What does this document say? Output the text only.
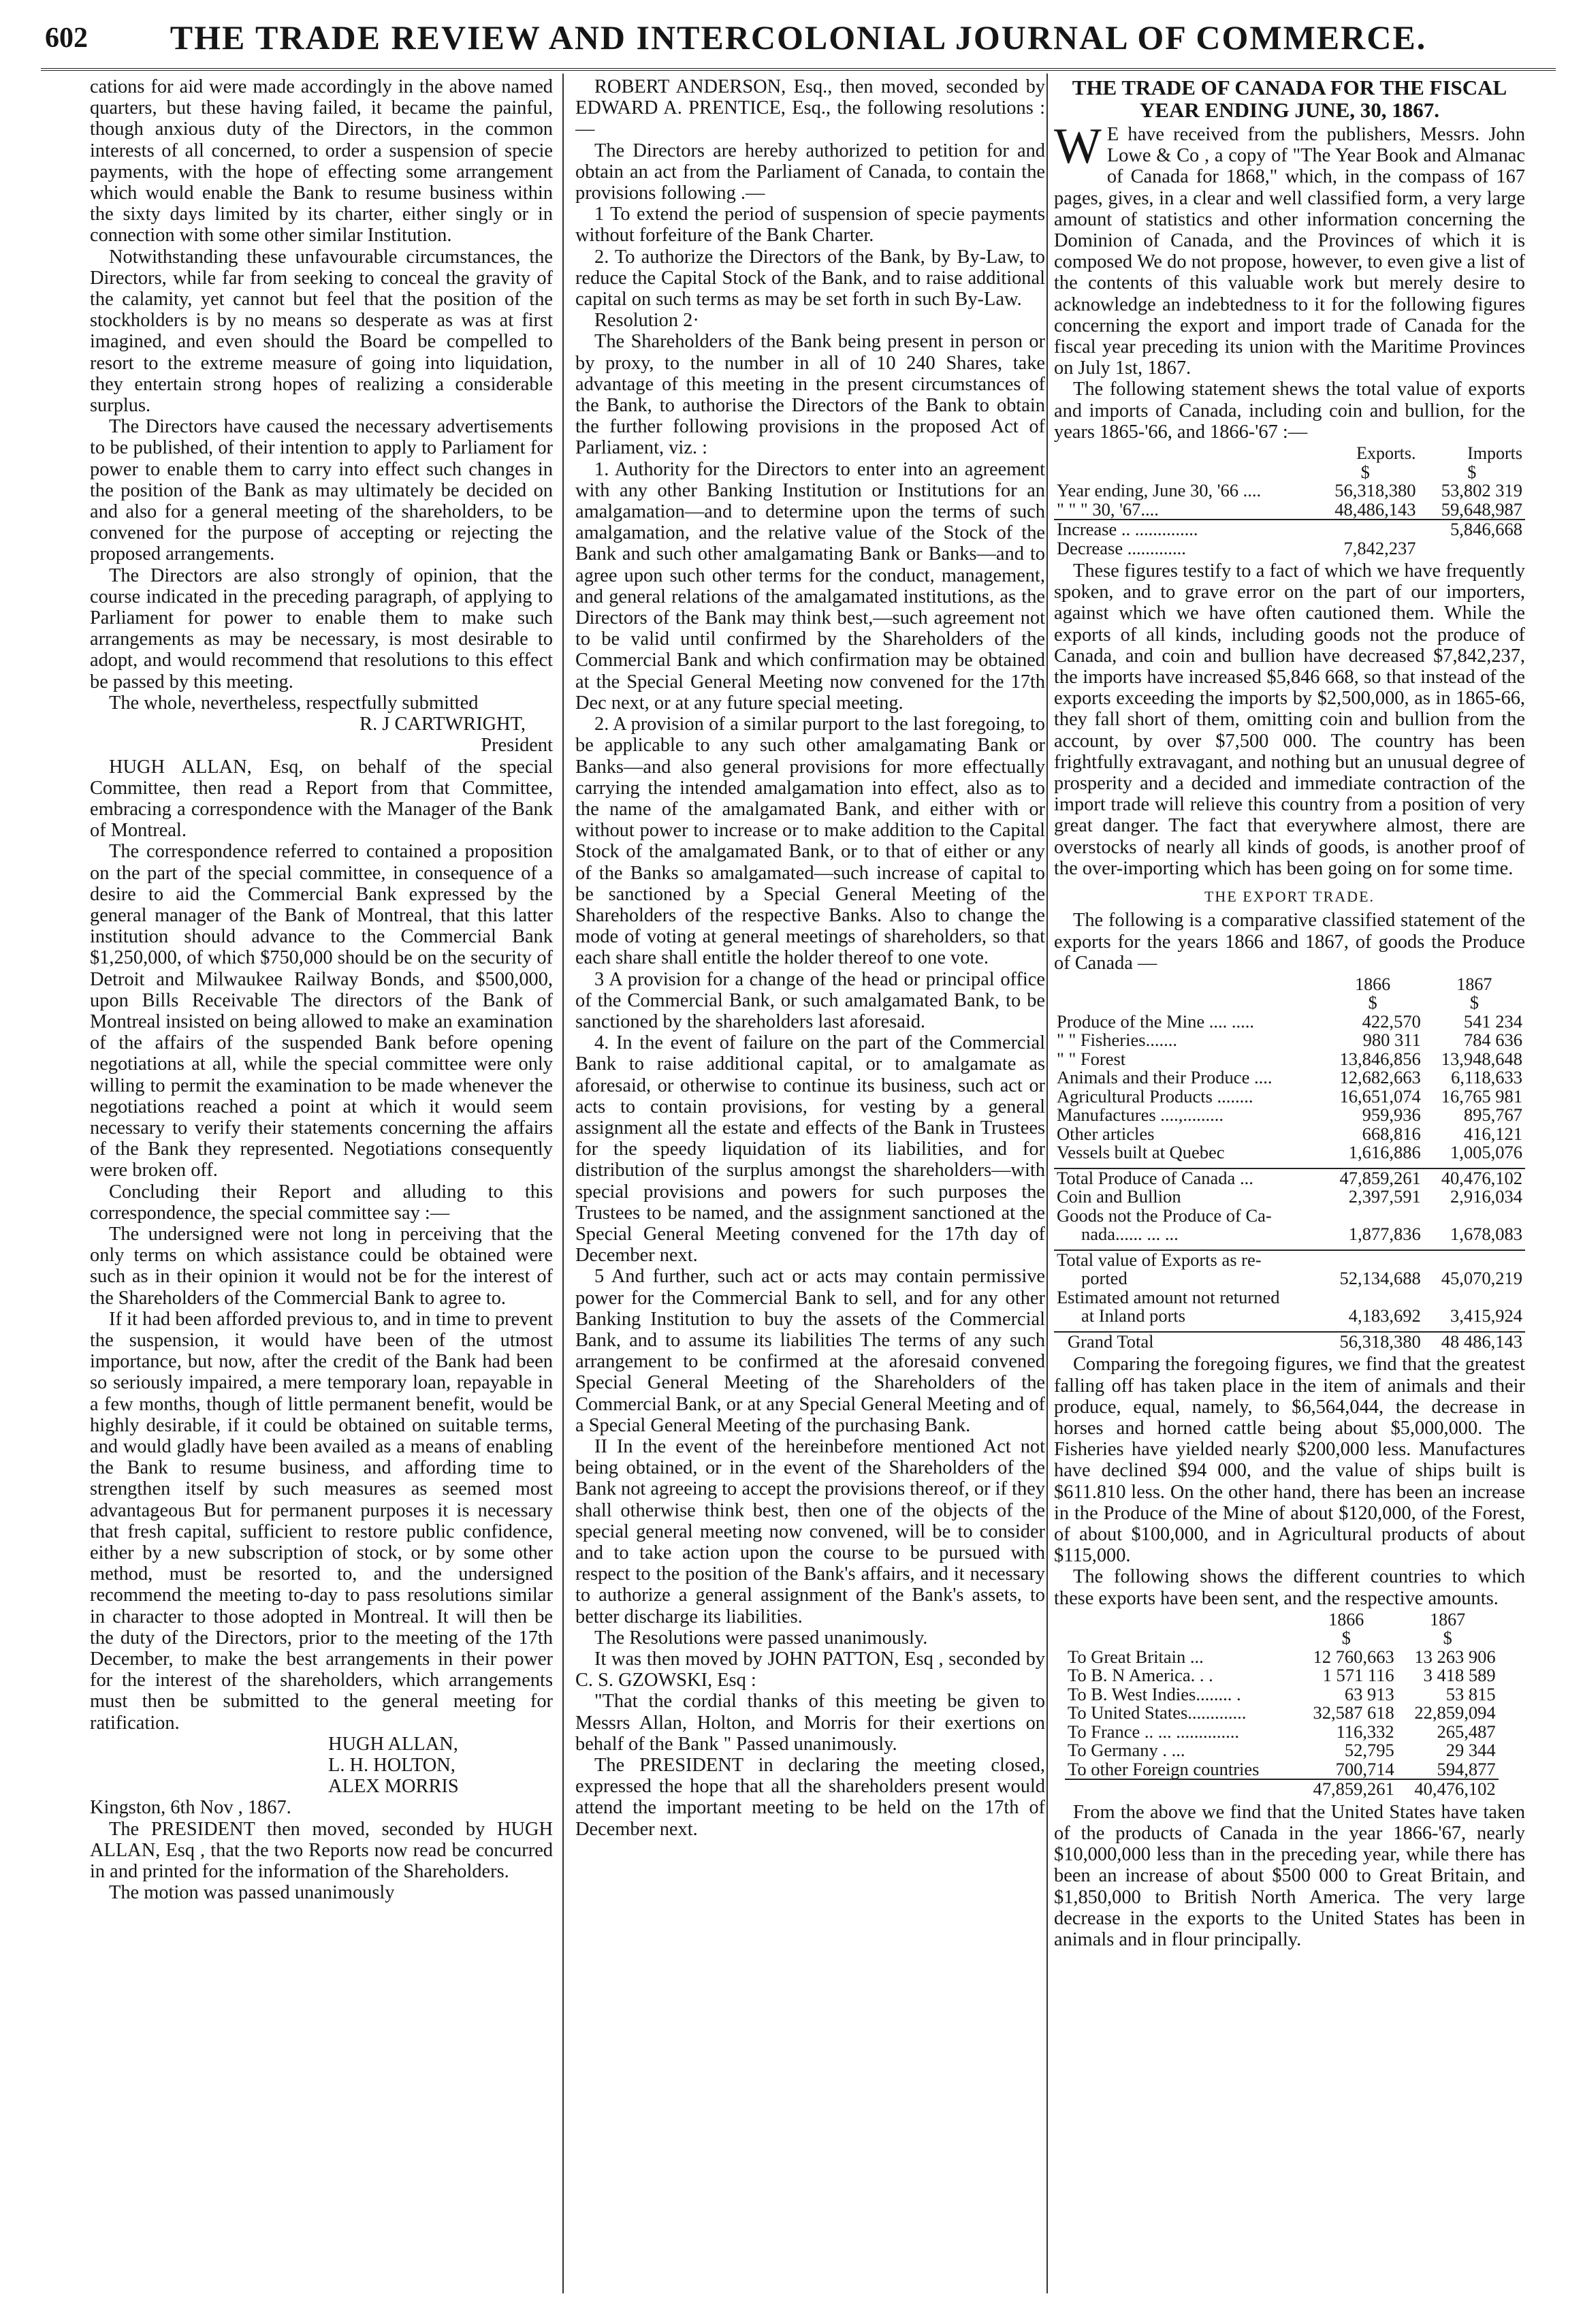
602	THE TRADE REVIEW AND INTERCOLONIAL JOURNAL OF COMMERCE.

cations for aid were made accordingly in the above named quarters, but these having failed, it became the painful, though anxious duty of the Directors, in the common interests of all concerned, to order a suspension of specie payments, with the hope of effecting some arrangement which would enable the Bank to resume business within the sixty days limited by its charter, either singly or in connection with some other similar Institution.

Notwithstanding these unfavourable circumstances, the Directors, while far from seeking to conceal the gravity of the calamity, yet cannot but feel that the position of the stockholders is by no means so desperate as was at first imagined, and even should the Board be compelled to resort to the extreme measure of going into liquidation, they entertain strong hopes of realizing a considerable surplus.

The Directors have caused the necessary advertisements to be published, of their intention to apply to Parliament for power to enable them to carry into effect such changes in the position of the Bank as may ultimately be decided on and also for a general meeting of the shareholders, to be convened for the purpose of accepting or rejecting the proposed arrangements.

The Directors are also strongly of opinion, that the course indicated in the preceding paragraph, of applying to Parliament for power to enable them to make such arrangements as may be necessary, is most desirable to adopt, and would recommend that resolutions to this effect be passed by this meeting.

The whole, nevertheless, respectfully submitted

R. J CARTWRIGHT,

President

HUGH ALLAN, Esq, on behalf of the special Committee, then read a Report from that Committee, embracing a correspondence with the Manager of the Bank of Montreal.

The correspondence referred to contained a proposition on the part of the special committee, in consequence of a desire to aid the Commercial Bank expressed by the general manager of the Bank of Montreal, that this latter institution should advance to the Commercial Bank $1,250,000, of which $750,000 should be on the security of Detroit and Milwaukee Railway Bonds, and $500,000, upon Bills Receivable The directors of the Bank of Montreal insisted on being allowed to make an examination of the affairs of the suspended Bank before opening negotiations at all, while the special committee were only willing to permit the examination to be made whenever the negotiations reached a point at which it would seem necessary to verify their statements concerning the affairs of the Bank they represented. Negotiations consequently were broken off.

Concluding their Report and alluding to this correspondence, the special committee say :—

The undersigned were not long in perceiving that the only terms on which assistance could be obtained were such as in their opinion it would not be for the interest of the Shareholders of the Commercial Bank to agree to.

If it had been afforded previous to, and in time to prevent the suspension, it would have been of the utmost importance, but now, after the credit of the Bank had been so seriously impaired, a mere temporary loan, repayable in a few months, though of little permanent benefit, would be highly desirable, if it could be obtained on suitable terms, and would gladly have been availed as a means of enabling the Bank to resume business, and affording time to strengthen itself by such measures as seemed most advantageous But for permanent purposes it is necessary that fresh capital, sufficient to restore public confidence, either by a new subscription of stock, or by some other method, must be resorted to, and the undersigned recommend the meeting to-day to pass resolutions similar in character to those adopted in Montreal. It will then be the duty of the Directors, prior to the meeting of the 17th December, to make the best arrangements in their power for the interest of the shareholders, which arrangements must then be submitted to the general meeting for ratification.

HUGH ALLAN,

L. H. HOLTON,

ALEX MORRIS

Kingston, 6th Nov , 1867.

The PRESIDENT then moved, seconded by HUGH ALLAN, Esq , that the two Reports now read be concurred in and printed for the information of the Shareholders.

The motion was passed unanimously

ROBERT ANDERSON, Esq., then moved, seconded by EDWARD A. PRENTICE, Esq., the following resolutions :—

The Directors are hereby authorized to petition for and obtain an act from the Parliament of Canada, to contain the provisions following .—

1 To extend the period of suspension of specie payments without forfeiture of the Bank Charter.

2. To authorize the Directors of the Bank, by By-Law, to reduce the Capital Stock of the Bank, and to raise additional capital on such terms as may be set forth in such By-Law.

Resolution 2·

The Shareholders of the Bank being present in person or by proxy, to the number in all of 10 240 Shares, take advantage of this meeting in the present circumstances of the Bank, to authorise the Directors of the Bank to obtain the further following provisions in the proposed Act of Parliament, viz. :

1. Authority for the Directors to enter into an agreement with any other Banking Institution or Institutions for an amalgamation—and to determine upon the terms of such amalgamation, and the relative value of the Stock of the Bank and such other amalgamating Bank or Banks—and to agree upon such other terms for the conduct, management, and general relations of the amalgamated institutions, as the Directors of the Bank may think best,—such agreement not to be valid until confirmed by the Shareholders of the Commercial Bank and which confirmation may be obtained at the Special General Meeting now convened for the 17th Dec next, or at any future special meeting.

2. A provision of a similar purport to the last foregoing, to be applicable to any such other amalgamating Bank or Banks—and also general provisions for more effectually carrying the intended amalgamation into effect, also as to the name of the amalgamated Bank, and either with or without power to increase or to make addition to the Capital Stock of the amalgamated Bank, or to that of either or any of the Banks so amalgamated—such increase of capital to be sanctioned by a Special General Meeting of the Shareholders of the respective Banks. Also to change the mode of voting at general meetings of shareholders, so that each share shall entitle the holder thereof to one vote.

3 A provision for a change of the head or principal office of the Commercial Bank, or such amalgamated Bank, to be sanctioned by the shareholders last aforesaid.

4. In the event of failure on the part of the Commercial Bank to raise additional capital, or to amalgamate as aforesaid, or otherwise to continue its business, such act or acts to contain provisions, for vesting by a general assignment all the estate and effects of the Bank in Trustees for the speedy liquidation of its liabilities, and for distribution of the surplus amongst the shareholders—with special provisions and powers for such purposes the Trustees to be named, and the assignment sanctioned at the Special General Meeting convened for the 17th day of December next.

5 And further, such act or acts may contain permissive power for the Commercial Bank to sell, and for any other Banking Institution to buy the assets of the Commercial Bank, and to assume its liabilities The terms of any such arrangement to be confirmed at the aforesaid convened Special General Meeting of the Shareholders of the Commercial Bank, or at any Special General Meeting and of a Special General Meeting of the purchasing Bank.

II In the event of the hereinbefore mentioned Act not being obtained, or in the event of the Shareholders of the Bank not agreeing to accept the provisions thereof, or if they shall otherwise think best, then one of the objects of the special general meeting now convened, will be to consider and to take action upon the course to be pursued with respect to the position of the Bank's affairs, and it necessary to authorize a general assignment of the Bank's assets, to better discharge its liabilities.

The Resolutions were passed unanimously.

It was then moved by JOHN PATTON, Esq , seconded by C. S. GZOWSKI, Esq :

"That the cordial thanks of this meeting be given to Messrs Allan, Holton, and Morris for their exertions on behalf of the Bank " Passed unanimously.

The PRESIDENT in declaring the meeting closed, expressed the hope that all the shareholders present would attend the important meeting to be held on the 17th of December next.

THE TRADE OF CANADA FOR THE FISCAL YEAR ENDING JUNE, 30, 1867.

W E have received from the publishers, Messrs. John Lowe & Co , a copy of "The Year Book and Almanac of Canada for 1868," which, in the compass of 167 pages, gives, in a clear and well classified form, a very large amount of statistics and other information concerning the Dominion of Canada, and the Provinces of which it is composed We do not propose, however, to even give a list of the contents of this valuable work but merely desire to acknowledge an indebtedness to it for the following figures concerning the export and import trade of Canada for the fiscal year preceding its union with the Maritime Provinces on July 1st, 1867.

The following statement shews the total value of exports and imports of Canada, including coin and bullion, for the years 1865-'66, and 1866-'67 :—

	Exports.	Imports
	$	$
Year ending, June 30, '66 ....	56,318,380	53,802 319
" " " 30, '67....	48,486,143	59,648,987
Increase .. ..............		5,846,668
Decrease .............	7,842,237	

These figures testify to a fact of which we have frequently spoken, and to grave error on the part of our importers, against which we have often cautioned them. While the exports of all kinds, including goods not the produce of Canada, and coin and bullion have decreased $7,842,237, the imports have increased $5,846 668, so that instead of the exports exceeding the imports by $2,500,000, as in 1865-66, they fall short of them, omitting coin and bullion from the account, by over $7,500 000. The country has been frightfully extravagant, and nothing but an unusual degree of prosperity and a decided and immediate contraction of the import trade will relieve this country from a position of very great danger. The fact that everywhere almost, there are overstocks of nearly all kinds of goods, is another proof of the over-importing which has been going on for some time.

THE EXPORT TRADE.

The following is a comparative classified statement of the exports for the years 1866 and 1867, of goods the Produce of Canada —

	1866	1867
	$	$
Produce of the Mine .... .....	422,570	541 234
" " Fisheries.......	980 311	784 636
" " Forest	13,846,856	13,948,648
Animals and their Produce ....	12,682,663	6,118,633
Agricultural Products ........	16,651,074	16,765 981
Manufactures ....,.........	959,936	895,767
Other articles	668,816	416,121
Vessels built at Quebec	1,616,886	1,005,076

Total Produce of Canada ...	47,859,261	40,476,102
Coin and Bullion	2,397,591	2,916,034
Goods not the Produce of Ca-		
nada...... ... ...	1,877,836	1,678,083

Total value of Exports as re-		
ported	52,134,688	45,070,219
Estimated amount not returned		
at Inland ports	4,183,692	3,415,924

Grand Total	56,318,380	48 486,143

Comparing the foregoing figures, we find that the greatest falling off has taken place in the item of animals and their produce, equal, namely, to $6,564,044, the decrease in horses and horned cattle being about $5,000,000. The Fisheries have yielded nearly $200,000 less. Manufactures have declined $94 000, and the value of ships built is $611.810 less. On the other hand, there has been an increase in the Produce of the Mine of about $120,000, of the Forest, of about $100,000, and in Agricultural products of about $115,000.

The following shows the different countries to which these exports have been sent, and the respective amounts.

	1866	1867
	$	$
To Great Britain ...	12 760,663	13 263 906
To B. N America. . .	1 571 116	3 418 589
To B. West Indies........ .	63 913	53 815
To United States.............	32,587 618	22,859,094
To France .. ... ..............	116,332	265,487
To Germany . ...	52,795	29 344
To other Foreign countries	700,714	594,877
	47,859,261	40,476,102

From the above we find that the United States have taken of the products of Canada in the year 1866-'67, nearly $10,000,000 less than in the preceding year, while there has been an increase of about $500 000 to Great Britain, and $1,850,000 to British North America. The very large decrease in the exports to the United States has been in animals and in flour principally.
